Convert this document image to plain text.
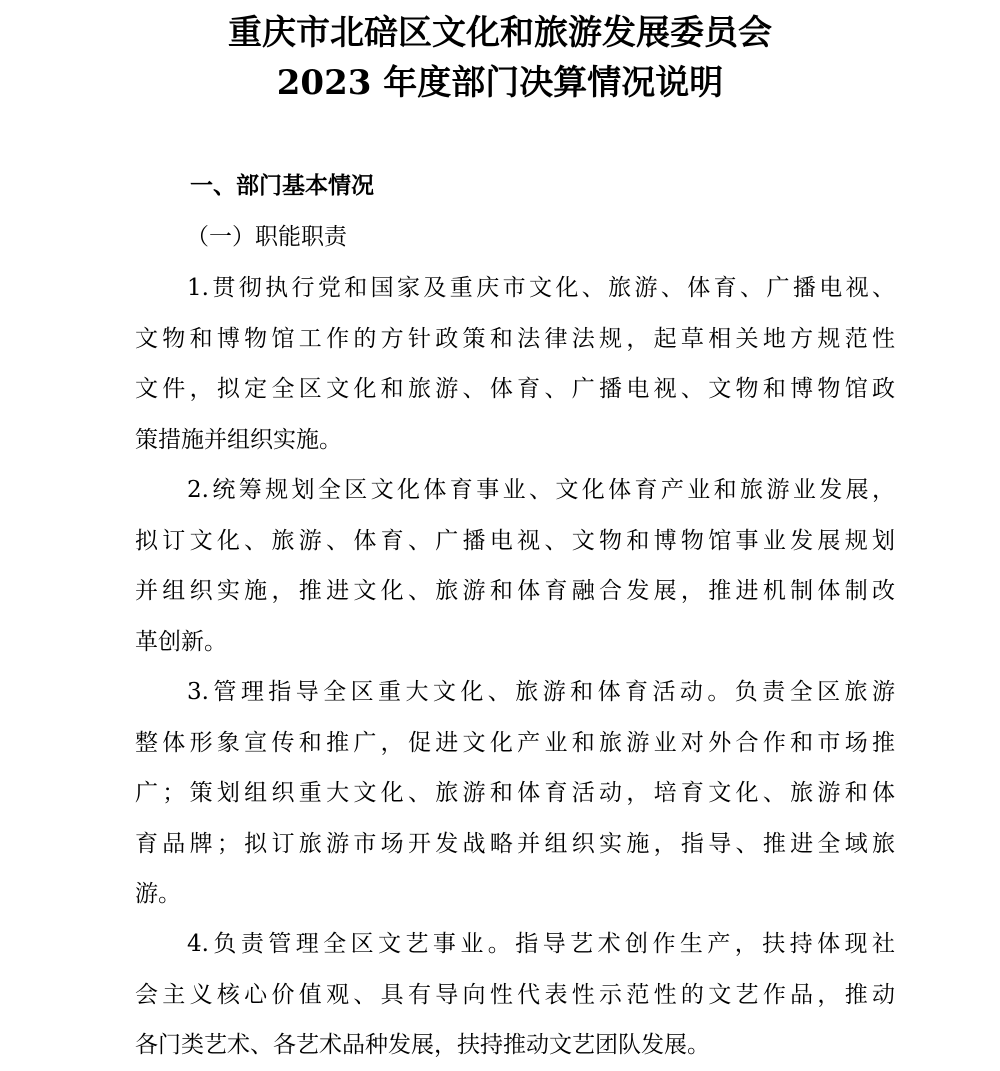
重庆市北碚区文化和旅游发展委员会
2023 年度部门决算情况说明
一、部门基本情况
（一）职能职责
1.贯彻执行党和国家及重庆市文化、旅游、体育、广播电视、
文物和博物馆工作的方针政策和法律法规，起草相关地方规范性
文件，拟定全区文化和旅游、体育、广播电视、文物和博物馆政
策措施并组织实施。
2.统筹规划全区文化体育事业、文化体育产业和旅游业发展，
拟订文化、旅游、体育、广播电视、文物和博物馆事业发展规划
并组织实施，推进文化、旅游和体育融合发展，推进机制体制改
革创新。
3.管理指导全区重大文化、旅游和体育活动。负责全区旅游
整体形象宣传和推广，促进文化产业和旅游业对外合作和市场推
广；策划组织重大文化、旅游和体育活动，培育文化、旅游和体
育品牌；拟订旅游市场开发战略并组织实施，指导、推进全域旅
游。
4.负责管理全区文艺事业。指导艺术创作生产，扶持体现社
会主义核心价值观、具有导向性代表性示范性的文艺作品，推动
各门类艺术、各艺术品种发展，扶持推动文艺团队发展。
